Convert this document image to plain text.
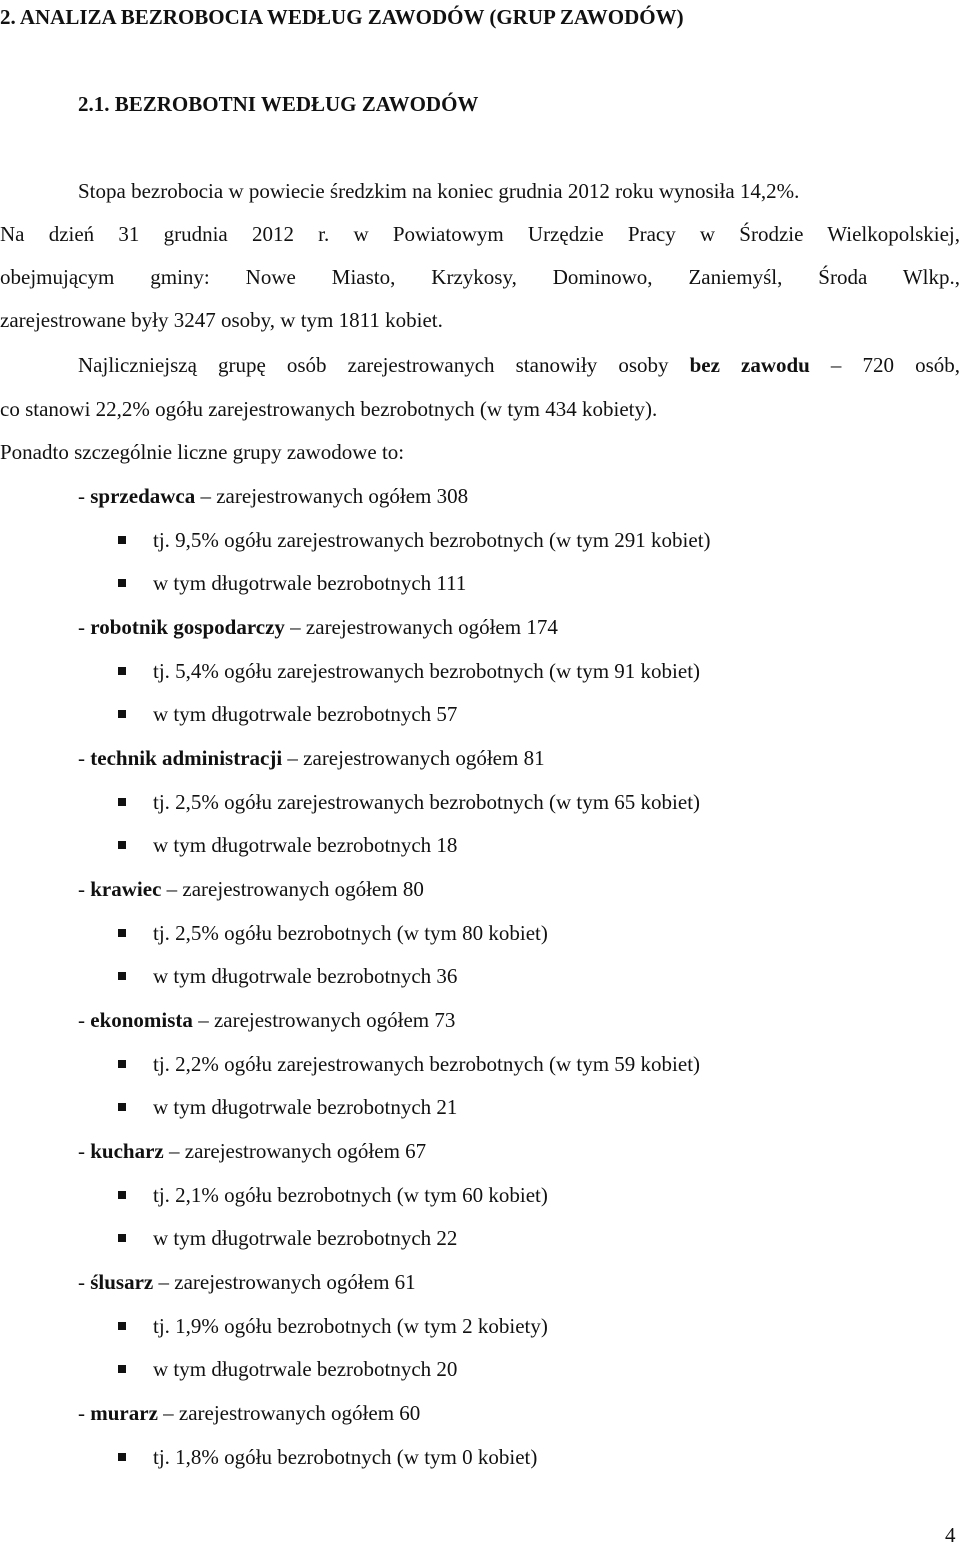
2. ANALIZA BEZROBOCIA WEDŁUG ZAWODÓW (GRUP ZAWODÓW)
2.1. BEZROBOTNI WEDŁUG ZAWODÓW
Stopa bezrobocia w powiecie średzkim na koniec grudnia 2012 roku wynosiła 14,2%.
Na dzień 31 grudnia 2012 r. w Powiatowym Urzędzie Pracy w Środzie Wielkopolskiej,
obejmującym gminy: Nowe Miasto, Krzykosy, Dominowo, Zaniemyśl, Środa Wlkp.,
zarejestrowane były 3247 osoby, w tym 1811 kobiet.
Najliczniejszą grupę osób zarejestrowanych stanowiły osoby bez zawodu – 720 osób,
co stanowi 22,2% ogółu zarejestrowanych bezrobotnych (w tym 434 kobiety).
Ponadto szczególnie liczne grupy zawodowe to:
- sprzedawca – zarejestrowanych ogółem 308
tj. 9,5% ogółu zarejestrowanych bezrobotnych (w tym 291 kobiet)
w tym długotrwale bezrobotnych 111
- robotnik gospodarczy – zarejestrowanych ogółem 174
tj. 5,4% ogółu zarejestrowanych bezrobotnych (w tym 91 kobiet)
w tym długotrwale bezrobotnych 57
- technik administracji – zarejestrowanych ogółem 81
tj. 2,5% ogółu zarejestrowanych bezrobotnych (w tym 65 kobiet)
w tym długotrwale bezrobotnych 18
- krawiec – zarejestrowanych ogółem 80
tj. 2,5% ogółu bezrobotnych (w tym 80 kobiet)
w tym długotrwale bezrobotnych 36
- ekonomista – zarejestrowanych ogółem 73
tj. 2,2% ogółu zarejestrowanych bezrobotnych (w tym 59 kobiet)
w tym długotrwale bezrobotnych 21
- kucharz – zarejestrowanych ogółem 67
tj. 2,1% ogółu bezrobotnych (w tym 60 kobiet)
w tym długotrwale bezrobotnych 22
- ślusarz – zarejestrowanych ogółem 61
tj. 1,9% ogółu bezrobotnych (w tym 2 kobiety)
w tym długotrwale bezrobotnych 20
- murarz – zarejestrowanych ogółem 60
tj. 1,8% ogółu bezrobotnych (w tym 0 kobiet)
4
